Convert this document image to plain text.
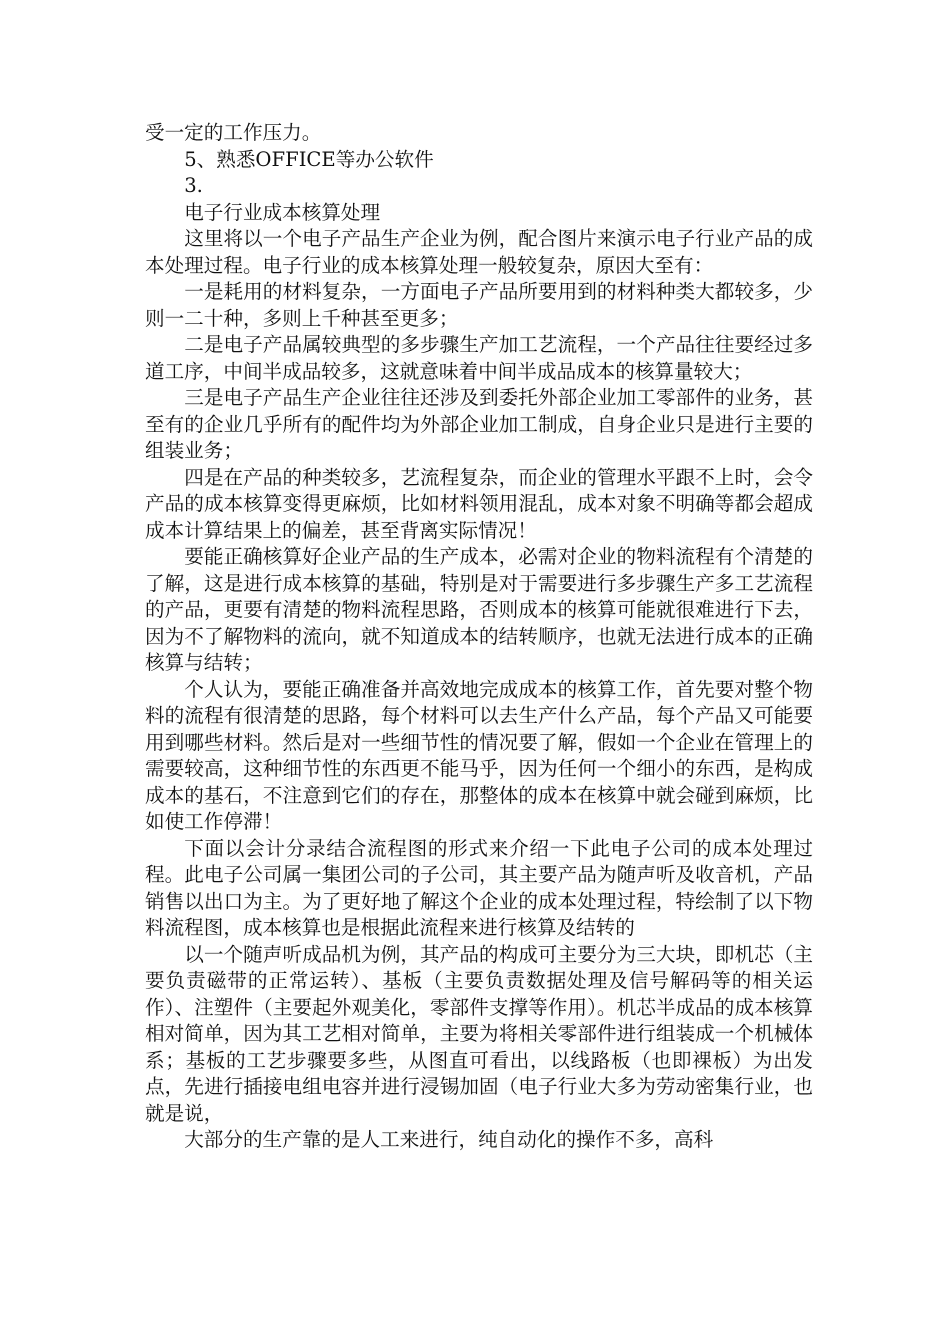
受一定的工作压力。

5、熟悉OFFICE等办公软件

3.

电子行业成本核算处理

这里将以一个电子产品生产企业为例，配合图片来演示电子行业产品的成本处理过程。电子行业的成本核算处理一般较复杂，原因大至有：

一是耗用的材料复杂，一方面电子产品所要用到的材料种类大都较多，少则一二十种，多则上千种甚至更多；

二是电子产品属较典型的多步骤生产加工艺流程，一个产品往往要经过多道工序，中间半成品较多，这就意味着中间半成品成本的核算量较大；

三是电子产品生产企业往往还涉及到委托外部企业加工零部件的业务，甚至有的企业几乎所有的配件均为外部企业加工制成，自身企业只是进行主要的组装业务；

四是在产品的种类较多，艺流程复杂，而企业的管理水平跟不上时，会令产品的成本核算变得更麻烦，比如材料领用混乱，成本对象不明确等都会超成成本计算结果上的偏差，甚至背离实际情况！

要能正确核算好企业产品的生产成本，必需对企业的物料流程有个清楚的了解，这是进行成本核算的基础，特别是对于需要进行多步骤生产多工艺流程的产品，更要有清楚的物料流程思路，否则成本的核算可能就很难进行下去，因为不了解物料的流向，就不知道成本的结转顺序，也就无法进行成本的正确核算与结转；

个人认为，要能正确准备并高效地完成成本的核算工作，首先要对整个物料的流程有很清楚的思路，每个材料可以去生产什么产品，每个产品又可能要用到哪些材料。然后是对一些细节性的情况要了解，假如一个企业在管理上的需要较高，这种细节性的东西更不能马乎，因为任何一个细小的东西，是构成成本的基石，不注意到它们的存在，那整体的成本在核算中就会碰到麻烦，比如使工作停滞！

下面以会计分录结合流程图的形式来介绍一下此电子公司的成本处理过程。此电子公司属一集团公司的子公司，其主要产品为随声听及收音机，产品销售以出口为主。为了更好地了解这个企业的成本处理过程，特绘制了以下物料流程图，成本核算也是根据此流程来进行核算及结转的

以一个随声听成品机为例，其产品的构成可主要分为三大块，即机芯（主要负责磁带的正常运转）、基板（主要负责数据处理及信号解码等的相关运作）、注塑件（主要起外观美化，零部件支撑等作用）。机芯半成品的成本核算相对简单，因为其工艺相对简单，主要为将相关零部件进行组装成一个机械体系；基板的工艺步骤要多些，从图直可看出，以线路板（也即裸板）为出发点，先进行插接电组电容并进行浸锡加固（电子行业大多为劳动密集行业，也就是说，

大部分的生产靠的是人工来进行，纯自动化的操作不多，高科
